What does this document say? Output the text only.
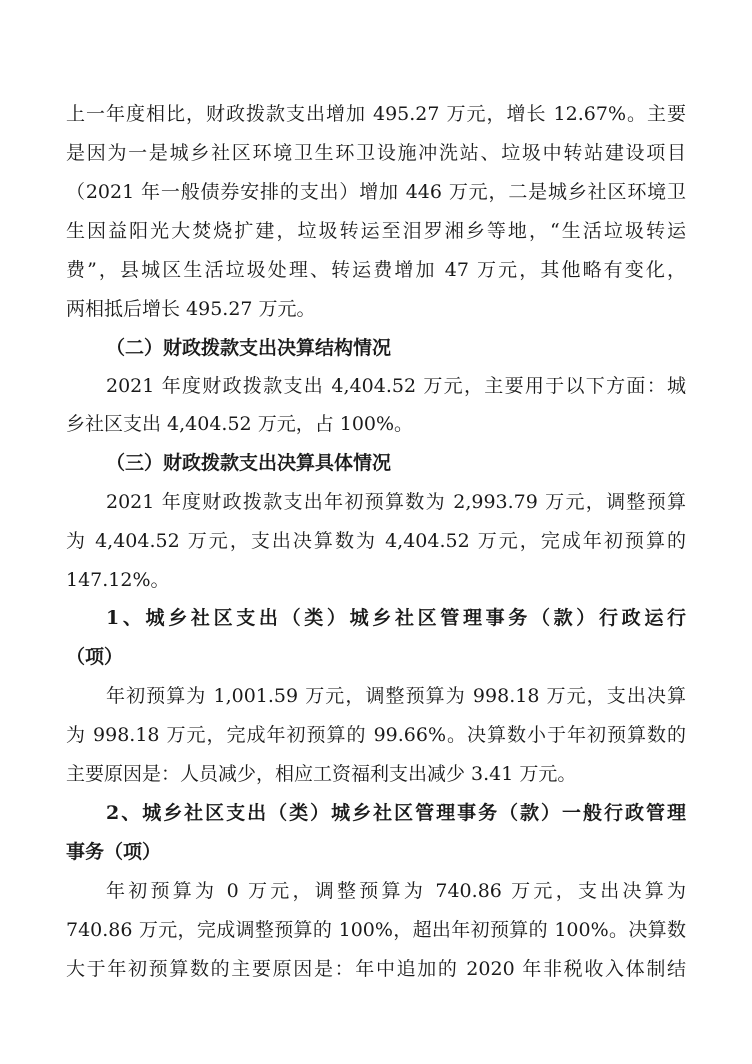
上一年度相比，财政拨款支出增加 495.27 万元，增长 12.67%。主要
是因为一是城乡社区环境卫生环卫设施冲洗站、垃圾中转站建设项目
（2021 年一般债券安排的支出）增加 446 万元，二是城乡社区环境卫
生因益阳光大焚烧扩建，垃圾转运至泪罗湘乡等地，“生活垃圾转运
费”，县城区生活垃圾处理、转运费增加 47 万元，其他略有变化，
两相抵后增长 495.27 万元。
（二）财政拨款支出决算结构情况
2021 年度财政拨款支出 4,404.52 万元，主要用于以下方面：城
乡社区支出 4,404.52 万元，占 100%。
（三）财政拨款支出决算具体情况
2021 年度财政拨款支出年初预算数为 2,993.79 万元，调整预算
为 4,404.52 万元，支出决算数为 4,404.52 万元，完成年初预算的
147.12%。
1、城乡社区支出（类）城乡社区管理事务（款）行政运行
（项）
年初预算为 1,001.59 万元，调整预算为 998.18 万元，支出决算
为 998.18 万元，完成年初预算的 99.66%。决算数小于年初预算数的
主要原因是：人员减少，相应工资福利支出减少 3.41 万元。
2、城乡社区支出（类）城乡社区管理事务（款）一般行政管理
事务（项）
年初预算为 0 万元，调整预算为 740.86 万元，支出决算为
740.86 万元，完成调整预算的 100%，超出年初预算的 100%。决算数
大于年初预算数的主要原因是：年中追加的 2020 年非税收入体制结
